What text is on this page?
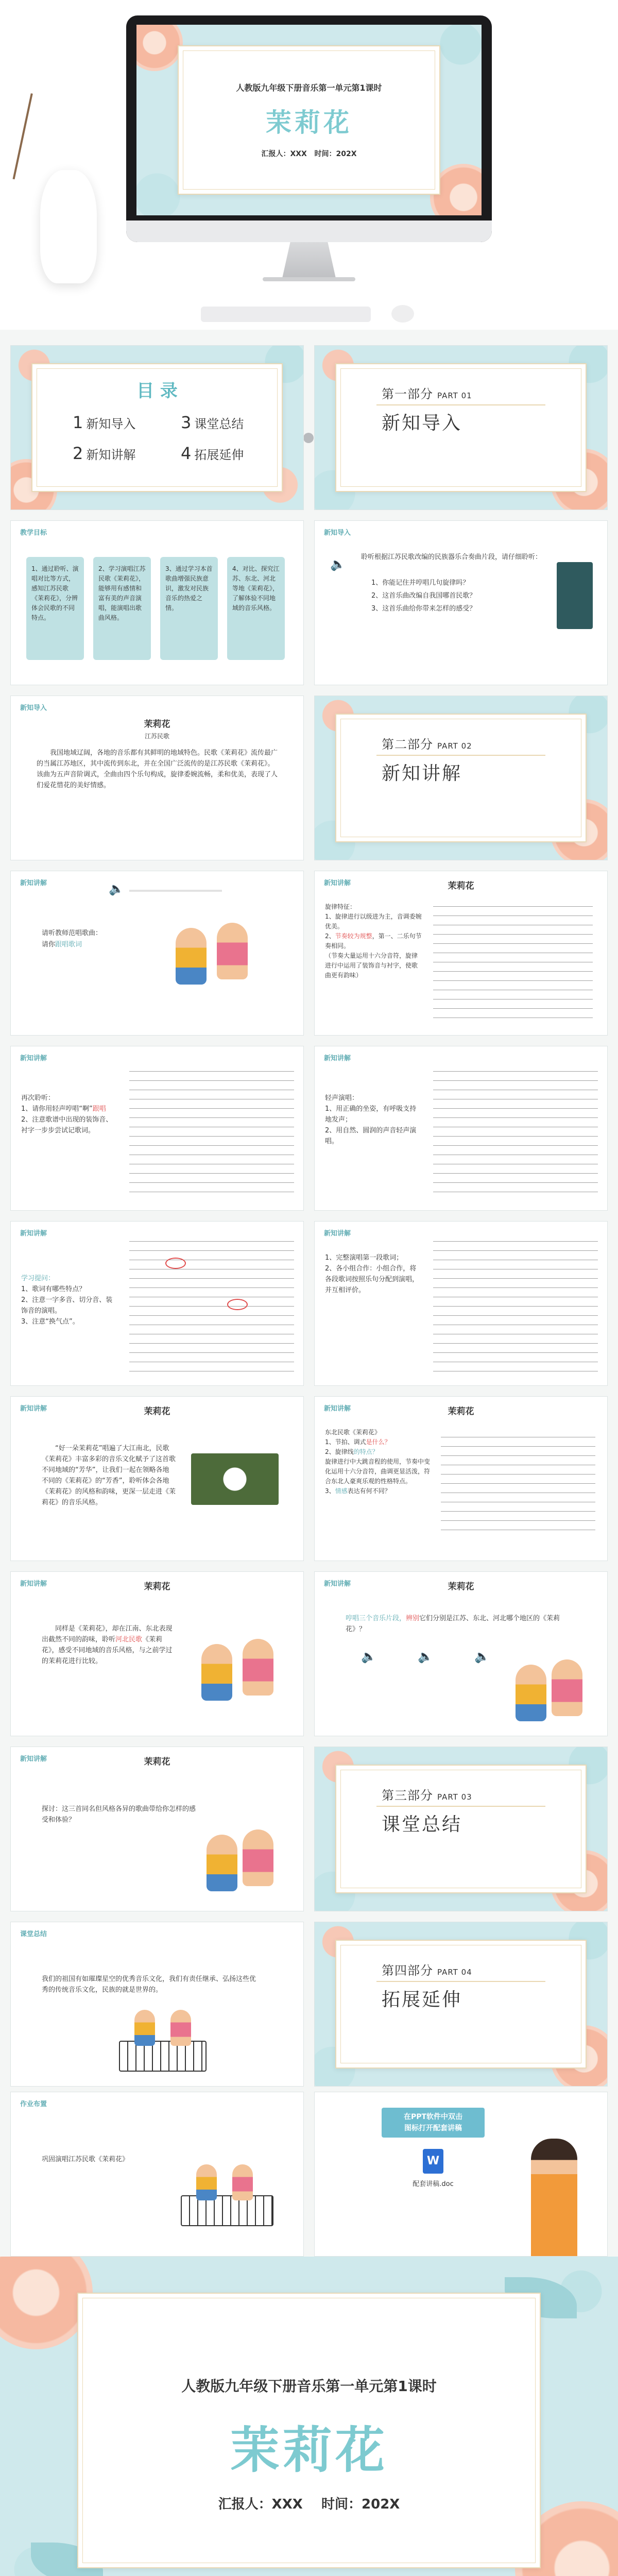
人教版九年级下册音乐第一单元第1课时
茉莉花
汇报人：XXX 时间：202X
目 录
1 新知导入	3 课堂总结
2 新知讲解	4 拓展延伸
第一部分 PART 01
新知导入
教学目标
1、通过聆听、演唱对比等方式，感知江苏民歌《茉莉花》，分辨体会民歌的不同特点。
2、学习演唱江苏民歌《茉莉花》，能够用有感情和富有美的声音演唱，能演唱出歌曲风格。
3、通过学习本首歌曲增强民族意识，激发对民族音乐的热爱之情。
4、对比、探究江苏、东北、河北等地《茉莉花》，了解体验不同地域的音乐风格。
新知导入
🔈 聆听根据江苏民歌改编的民族器乐合奏曲片段，请仔细聆听：
1、你能记住并哼唱几句旋律吗？
2、这首乐曲改编自我国哪首民歌？
3、这首乐曲给你带来怎样的感受？
新知导入
茉莉花
江苏民歌
我国地域辽阔，各地的音乐都有其鲜明的地域特色。民歌《茉莉花》流传最广的当属江苏地区，其中流传到东北，并在全国广泛流传的是江苏民歌《茉莉花》。该曲为五声音阶调式，全曲由四个乐句构成，旋律委婉流畅，柔和优美，表现了人们爱花惜花的美好情感。
第二部分 PART 02
新知讲解
新知讲解	🔈
请听教师范唱歌曲：
请你跟唱歌词
新知讲解	茉莉花
旋律特征：
1、旋律进行以级进为主，音调委婉优美。
2、节奏较为规整，第一、二乐句节奏相同。
（节奏大量运用十六分音符，旋律进行中运用了装饰音与衬字，使歌曲更有韵味）
新知讲解
再次聆听：
1、请你用轻声哼唱“啊”跟唱
2、注意歌谱中出现的装饰音、衬字一步步尝试记歌词。
新知讲解
轻声演唱：
1、用正确的坐姿，有呼吸支持地发声；
2、用自然、圆润的声音轻声演唱。
新知讲解
学习提问：
1、歌词有哪些特点？
2、注意一字多音、切分音、装饰音的演唱。
3、注意“换气点”。
新知讲解
1、完整演唱第一段歌词；
2、各小组合作：小组合作，将各段歌词按照乐句分配到演唱，并互相评价。
新知讲解	茉莉花
“好一朵茉莉花”唱遍了大江南北，民歌《茉莉花》丰富多彩的音乐文化赋予了这首歌不同地域的“芳华”，让我们一起在领略各地不同的《茉莉花》的“芳香”，聆听体会各地《茉莉花》的风格和韵味，更深一层走进《茉莉花》的音乐风格。
新知讲解	茉莉花
东北民歌《茉莉花》
1、节拍、调式是什么？
2、旋律线的特点？
旋律进行中大跳音程的使用，节奏中变化运用十六分音符，曲调更显活泼，符合东北人豪爽乐观的性格特点。
3、情感表达有何不同？
新知讲解	茉莉花
同样是《茉莉花》，却在江南、东北表现出截然不同的韵味，聆听河北民歌《茉莉花》，感受不同地域的音乐风格，与之前学过的茉莉花进行比较。
新知讲解	茉莉花
哼唱三个音乐片段，辨别它们分别是江苏、东北、河北哪个地区的《茉莉花》？
🔈	🔈	🔈
新知讲解	茉莉花
探讨：这三首同名但风格各异的歌曲带给你怎样的感受和体验？
第三部分 PART 03
课堂总结
课堂总结
我们的祖国有如璀璨星空的优秀音乐文化，我们有责任继承、弘扬这些优秀的传统音乐文化，民族的就是世界的。
第四部分 PART 04
拓展延伸
作业布置
巩固演唱江苏民歌《茉莉花》
在PPT软件中双击
图标打开配套讲稿
W
配套讲稿.doc
人教版九年级下册音乐第一单元第1课时
茉莉花
汇报人：XXX 时间：202X
